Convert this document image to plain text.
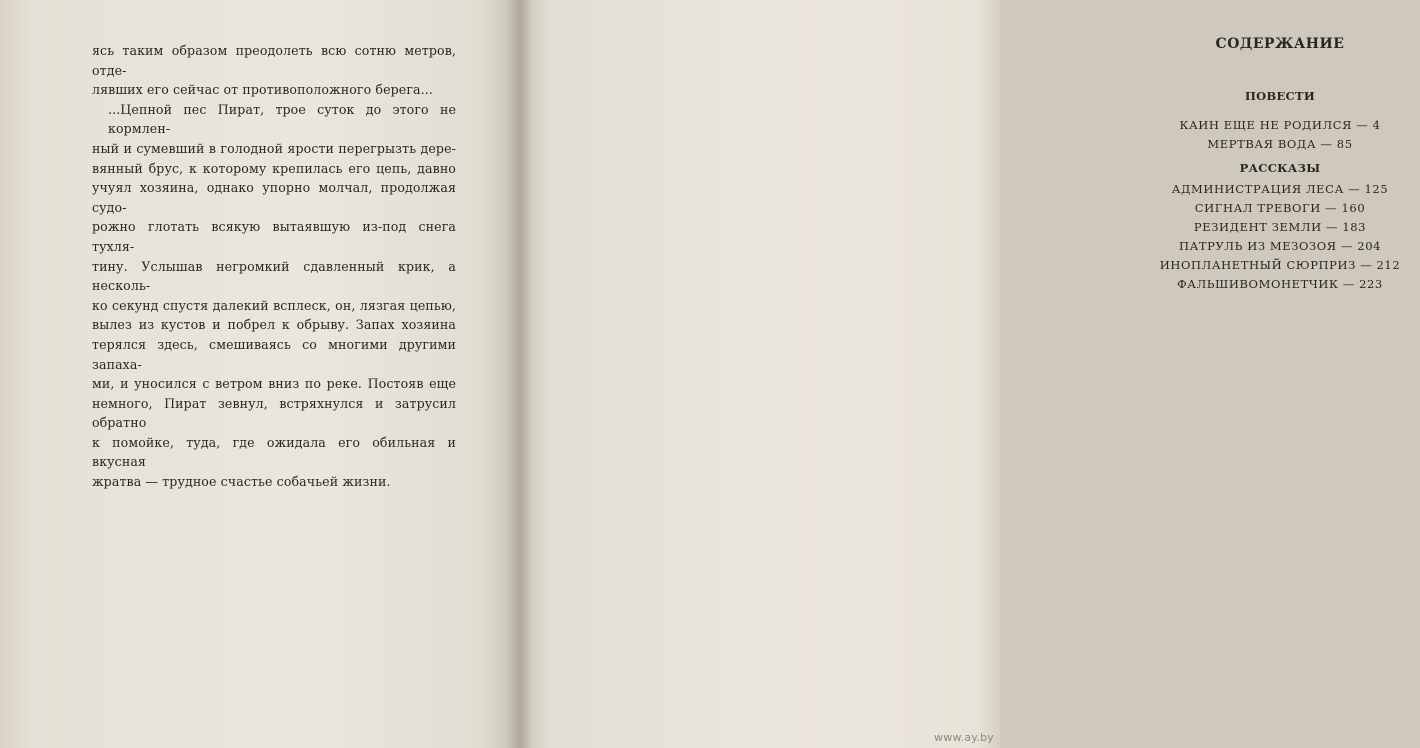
ясь таким образом преодолеть всю сотню метров, отде-
лявших его сейчас от противоположного берега...
...Цепной пес Пират, трое суток до этого не кормлен-
ный и сумевший в голодной ярости перегрызть дере-
вянный брус, к которому крепилась его цепь, давно
учуял хозяина, однако упорно молчал, продолжая судо-
рожно глотать всякую вытаявшую из-под снега тухля-
тину. Услышав негромкий сдавленный крик, а несколь-
ко секунд спустя далекий всплеск, он, лязгая цепью,
вылез из кустов и побрел к обрыву. Запах хозяина
терялся здесь, смешиваясь со многими другими запаха-
ми, и уносился с ветром вниз по реке. Постояв еще
немного, Пират зевнул, встряхнулся и затрусил обратно
к помойке, туда, где ожидала его обильная и вкусная
жратва — трудное счастье собачьей жизни.
СОДЕРЖАНИЕ
ПОВЕСТИ
КАИН ЕЩЕ НЕ РОДИЛСЯ — 4
МЕРТВАЯ ВОДА — 85
РАССКАЗЫ
АДМИНИСТРАЦИЯ ЛЕСА — 125
СИГНАЛ ТРЕВОГИ — 160
РЕЗИДЕНТ ЗЕМЛИ — 183
ПАТРУЛЬ ИЗ МЕЗОЗОЯ — 204
ИНОПЛАНЕТНЫЙ СЮРПРИЗ — 212
ФАЛЬШИВОМОНЕТЧИК — 223
www.ay.by
